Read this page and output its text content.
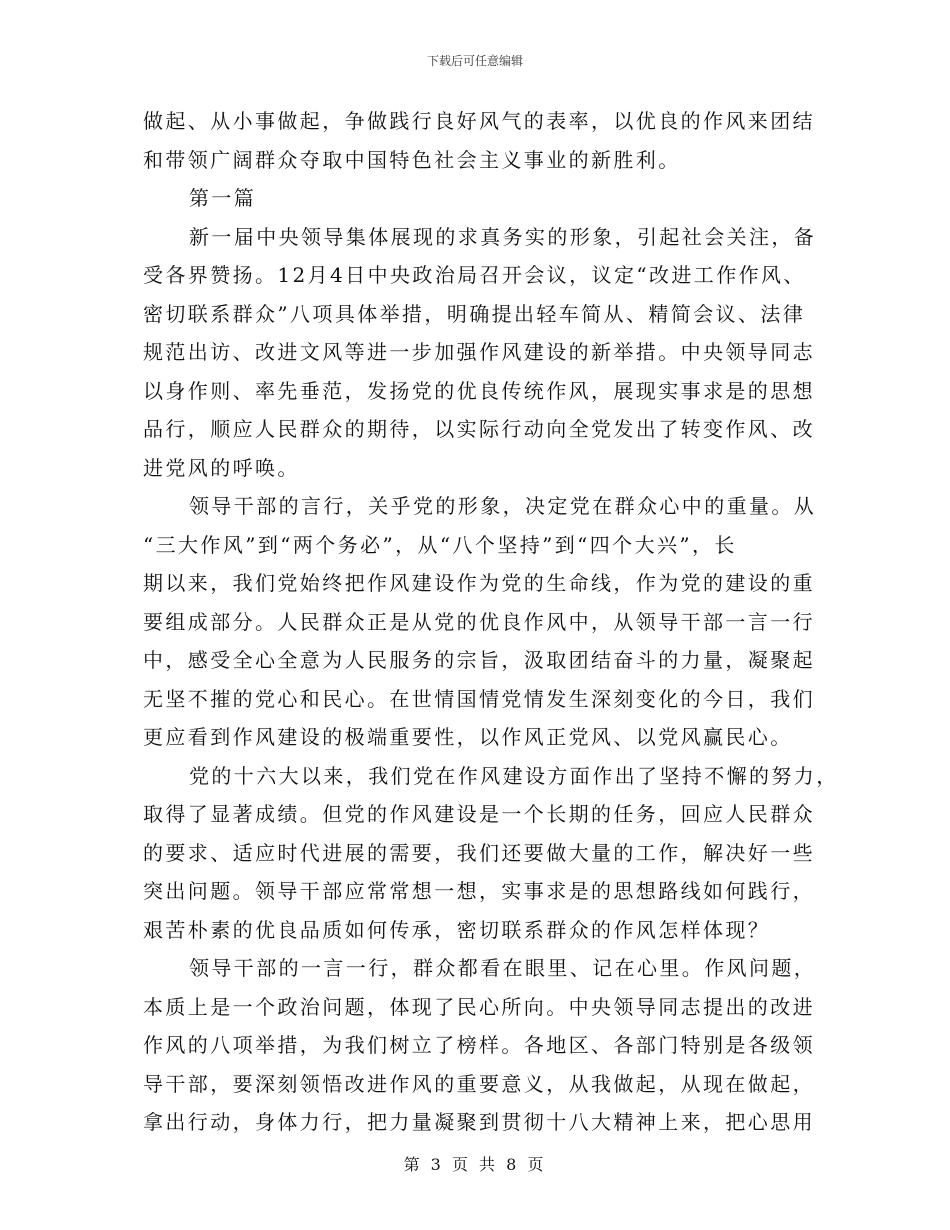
下载后可任意编辑
做起、从小事做起，争做践行良好风气的表率，以优良的作风来团结
和带领广阔群众夺取中国特色社会主义事业的新胜利。
第一篇
新一届中央领导集体展现的求真务实的形象，引起社会关注，备
受各界赞扬。12月4日中央政治局召开会议，议定“改进工作作风、
密切联系群众”八项具体举措，明确提出轻车简从、精简会议、法律
规范出访、改进文风等进一步加强作风建设的新举措。中央领导同志
以身作则、率先垂范，发扬党的优良传统作风，展现实事求是的思想
品行，顺应人民群众的期待，以实际行动向全党发出了转变作风、改
进党风的呼唤。
领导干部的言行，关乎党的形象，决定党在群众心中的重量。从
“三大作风”到“两个务必”，从“八个坚持”到“四个大兴”，长
期以来，我们党始终把作风建设作为党的生命线，作为党的建设的重
要组成部分。人民群众正是从党的优良作风中，从领导干部一言一行
中，感受全心全意为人民服务的宗旨，汲取团结奋斗的力量，凝聚起
无坚不摧的党心和民心。在世情国情党情发生深刻变化的今日，我们
更应看到作风建设的极端重要性，以作风正党风、以党风赢民心。
党的十六大以来，我们党在作风建设方面作出了坚持不懈的努力，
取得了显著成绩。但党的作风建设是一个长期的任务，回应人民群众
的要求、适应时代进展的需要，我们还要做大量的工作，解决好一些
突出问题。领导干部应常常想一想，实事求是的思想路线如何践行，
艰苦朴素的优良品质如何传承，密切联系群众的作风怎样体现？
领导干部的一言一行，群众都看在眼里、记在心里。作风问题，
本质上是一个政治问题，体现了民心所向。中央领导同志提出的改进
作风的八项举措，为我们树立了榜样。各地区、各部门特别是各级领
导干部，要深刻领悟改进作风的重要意义，从我做起，从现在做起，
拿出行动，身体力行，把力量凝聚到贯彻十八大精神上来，把心思用
第 3 页 共 8 页
